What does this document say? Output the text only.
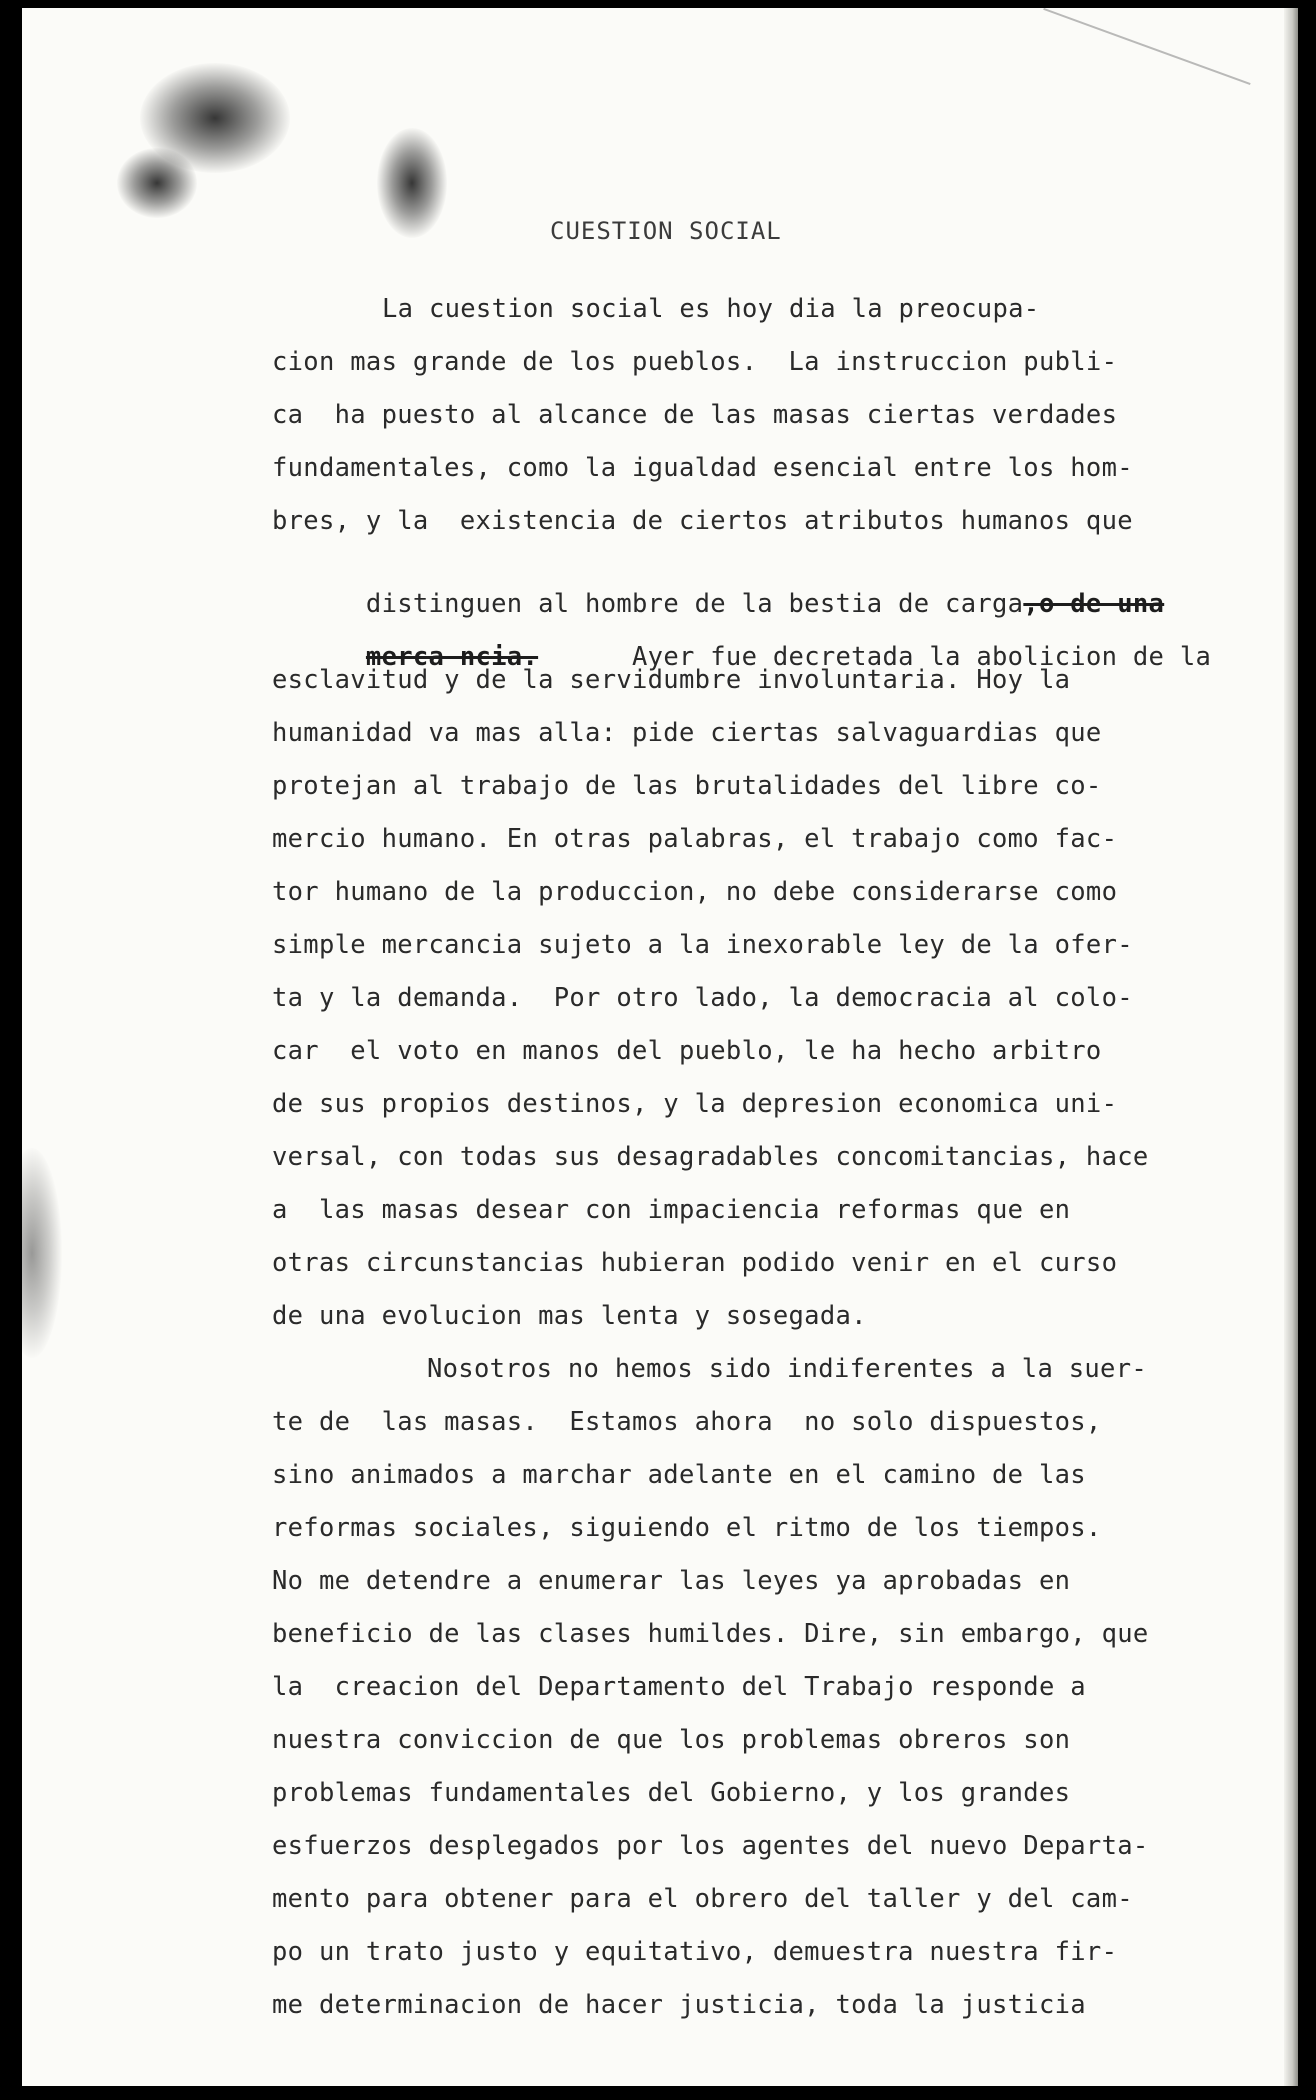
CUESTION SOCIAL
La cuestion social es hoy dia la preocupa-
cion mas grande de los pueblos.  La instruccion publi-
ca  ha puesto al alcance de las masas ciertas verdades
fundamentales, como la igualdad esencial entre los hom-
bres, y la  existencia de ciertos atributos humanos que

distinguen al hombre de la bestia de carga,o de una

merca ncia.      Ayer fue decretada la abolicion de la

esclavitud y de la servidumbre involuntaria. Hoy la
humanidad va mas alla: pide ciertas salvaguardias que
protejan al trabajo de las brutalidades del libre co-
mercio humano. En otras palabras, el trabajo como fac-
tor humano de la produccion, no debe considerarse como
simple mercancia sujeto a la inexorable ley de la ofer-
ta y la demanda.  Por otro lado, la democracia al colo-
car  el voto en manos del pueblo, le ha hecho arbitro
de sus propios destinos, y la depresion economica uni-
versal, con todas sus desagradables concomitancias, hace
a  las masas desear con impaciencia reformas que en
otras circunstancias hubieran podido venir en el curso
de una evolucion mas lenta y sosegada.
Nosotros no hemos sido indiferentes a la suer-
te de  las masas.  Estamos ahora  no solo dispuestos,
sino animados a marchar adelante en el camino de las
reformas sociales, siguiendo el ritmo de los tiempos.
No me detendre a enumerar las leyes ya aprobadas en
beneficio de las clases humildes. Dire, sin embargo, que
la  creacion del Departamento del Trabajo responde a
nuestra conviccion de que los problemas obreros son
problemas fundamentales del Gobierno, y los grandes
esfuerzos desplegados por los agentes del nuevo Departa-
mento para obtener para el obrero del taller y del cam-
po un trato justo y equitativo, demuestra nuestra fir-
me determinacion de hacer justicia, toda la justicia
